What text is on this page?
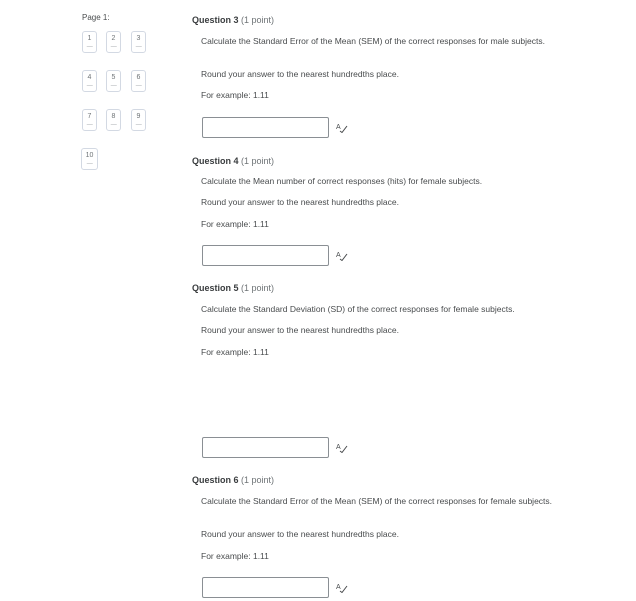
Page 1:
1
—
2
—
3
—
4
—
5
—
6
—
7
—
8
—
9
—
10
—
Question 3 (1 point)
Calculate the Standard Error of the Mean (SEM) of the correct responses for male subjects.
Round your answer to the nearest hundredths place.
For example: 1.11
A
Question 4 (1 point)
Calculate the Mean number of correct responses (hits) for female subjects.
Round your answer to the nearest hundredths place.
For example: 1.11
A
Question 5 (1 point)
Calculate the Standard Deviation (SD) of the correct responses for female subjects.
Round your answer to the nearest hundredths place.
For example: 1.11
A
Question 6 (1 point)
Calculate the Standard Error of the Mean (SEM) of the correct responses for female subjects.
Round your answer to the nearest hundredths place.
For example: 1.11
A
